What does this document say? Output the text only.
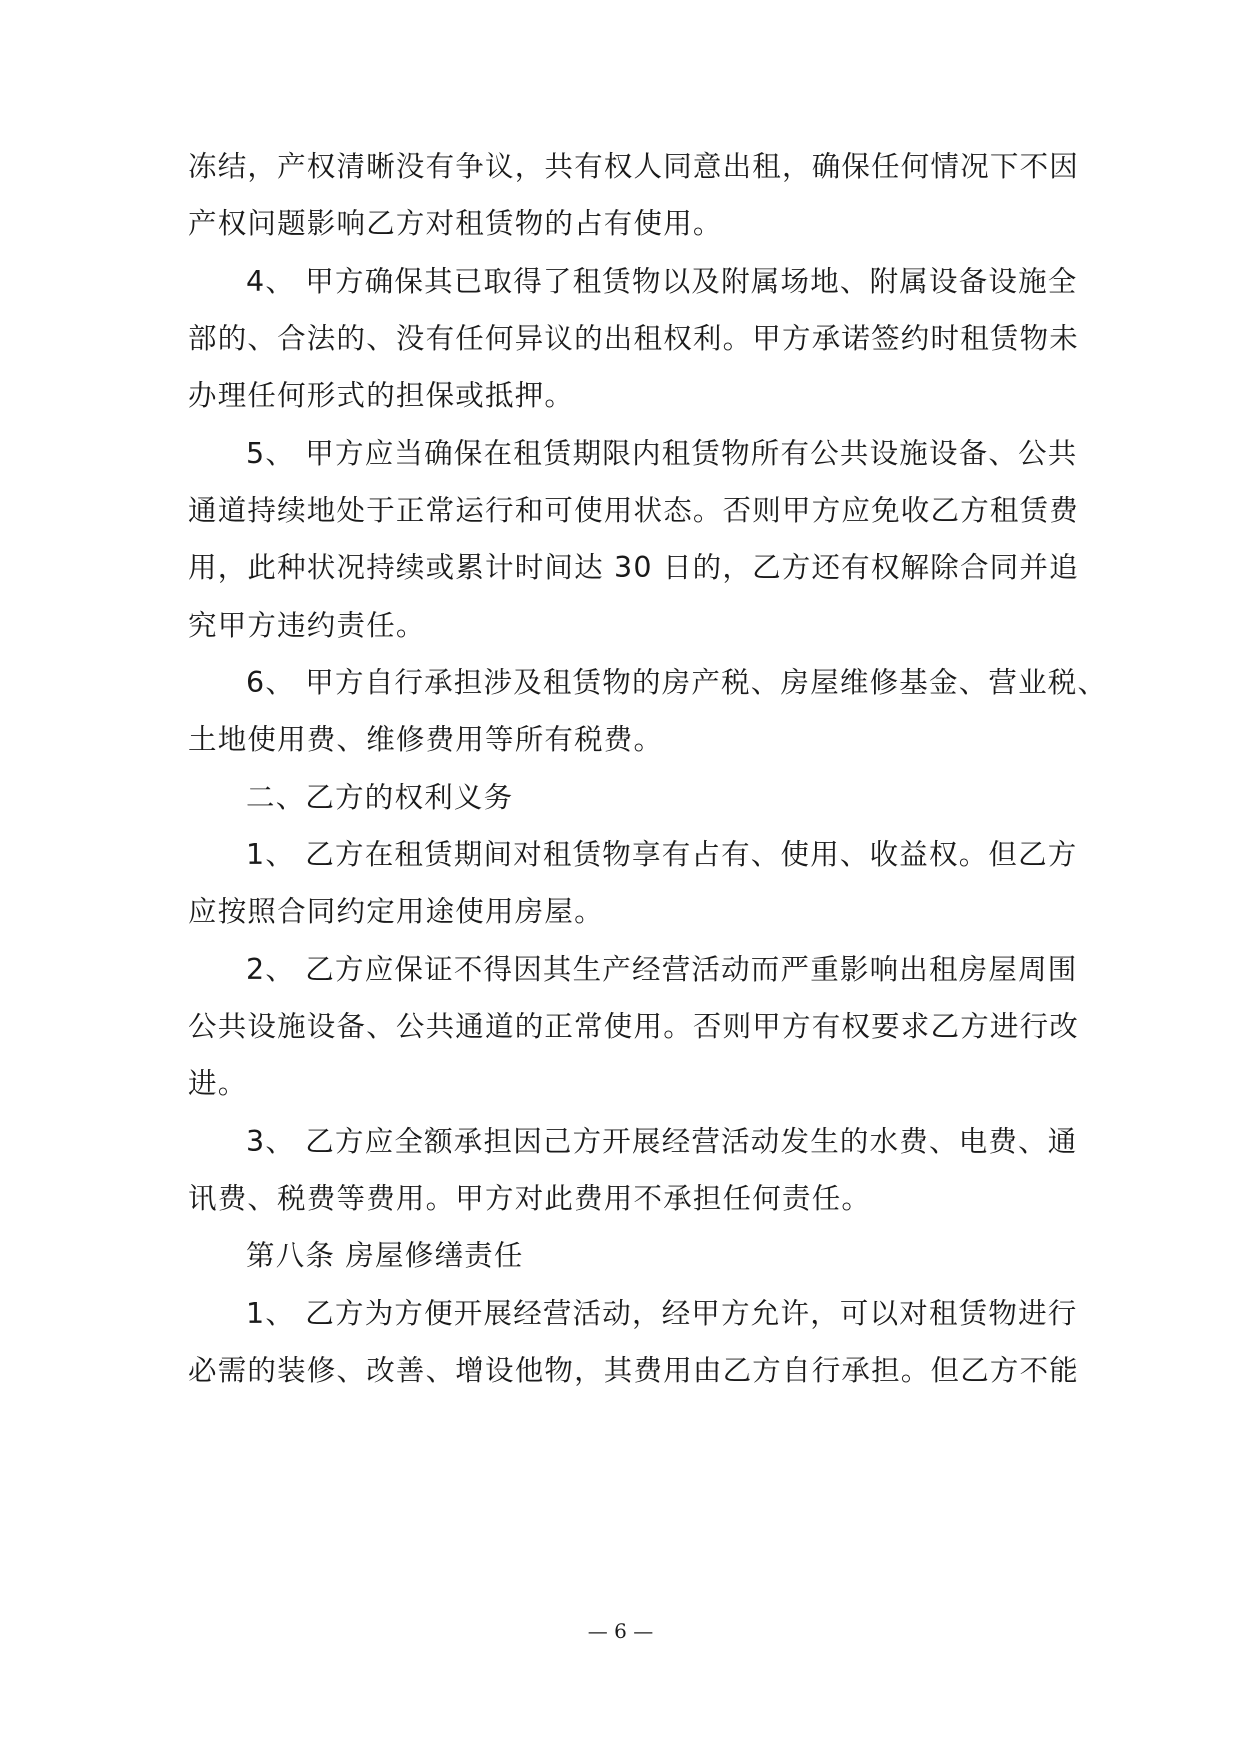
冻结，产权清晰没有争议，共有权人同意出租，确保任何情况下不因
产权问题影响乙方对租赁物的占有使用。
4、 甲方确保其已取得了租赁物以及附属场地、附属设备设施全
部的、合法的、没有任何异议的出租权利。甲方承诺签约时租赁物未
办理任何形式的担保或抵押。
5、 甲方应当确保在租赁期限内租赁物所有公共设施设备、公共
通道持续地处于正常运行和可使用状态。否则甲方应免收乙方租赁费
用，此种状况持续或累计时间达 30 日的，乙方还有权解除合同并追
究甲方违约责任。
6、 甲方自行承担涉及租赁物的房产税、房屋维修基金、营业税、
土地使用费、维修费用等所有税费。
二、乙方的权利义务
1、 乙方在租赁期间对租赁物享有占有、使用、收益权。但乙方
应按照合同约定用途使用房屋。
2、 乙方应保证不得因其生产经营活动而严重影响出租房屋周围
公共设施设备、公共通道的正常使用。否则甲方有权要求乙方进行改
进。
3、 乙方应全额承担因己方开展经营活动发生的水费、电费、通
讯费、税费等费用。甲方对此费用不承担任何责任。
第八条 房屋修缮责任
1、 乙方为方便开展经营活动，经甲方允许，可以对租赁物进行
必需的装修、改善、增设他物，其费用由乙方自行承担。但乙方不能
— 6 —
